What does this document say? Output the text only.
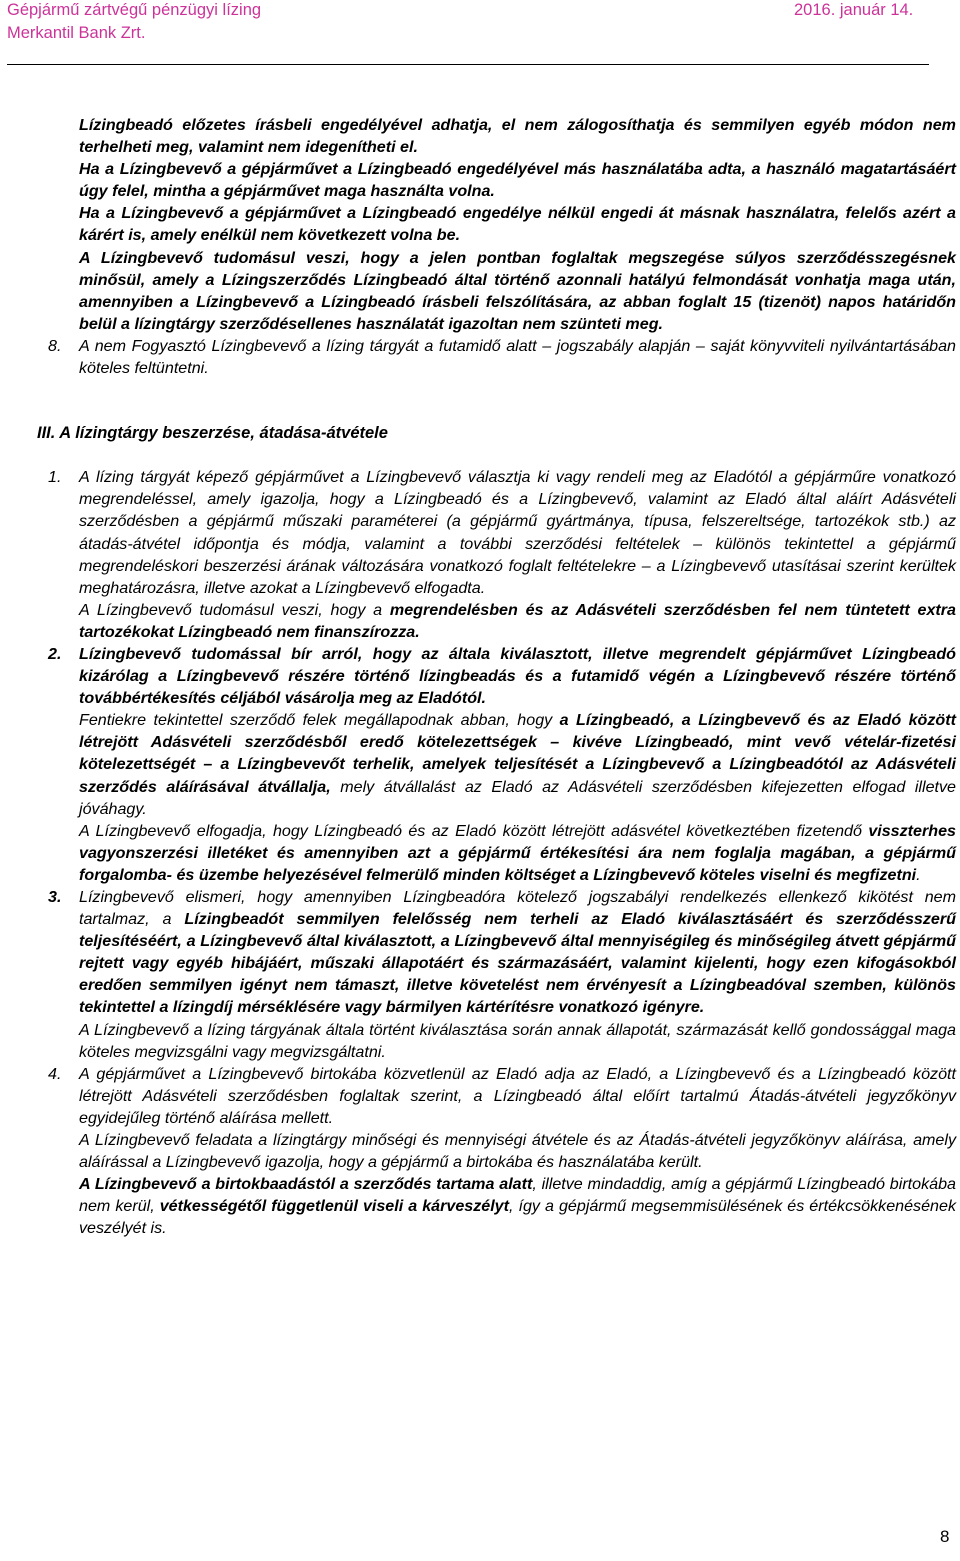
Gépjármű zártvégű pénzügyi lízing
Merkantil Bank Zrt.
2016. január 14.

Lízingbeadó előzetes írásbeli engedélyével adhatja, el nem zálogosíthatja és semmilyen egyéb módon nem terhelheti meg, valamint nem idegenítheti el.

Ha a Lízingbevevő a gépjárművet a Lízingbeadó engedélyével más használatába adta, a használó magatartásáért úgy felel, mintha a gépjárművet maga használta volna.

Ha a Lízingbevevő a gépjárművet a Lízingbeadó engedélye nélkül engedi át másnak használatra, felelős azért a kárért is, amely enélkül nem következett volna be.

A Lízingbevevő tudomásul veszi, hogy a jelen pontban foglaltak megszegése súlyos szerződésszegésnek minősül, amely a Lízingszerződés Lízingbeadó által történő azonnali hatályú felmondását vonhatja maga után, amennyiben a Lízingbevevő a Lízingbeadó írásbeli felszólítására, az abban foglalt 15 (tizenöt) napos határidőn belül a lízingtárgy szerződésellenes használatát igazoltan nem szünteti meg.

8.	A nem Fogyasztó Lízingbevevő a lízing tárgyát a futamidő alatt – jogszabály alapján – saját könyvviteli nyilvántartásában köteles feltüntetni.

III. A lízingtárgy beszerzése, átadása-átvétele

1.	A lízing tárgyát képező gépjárművet a Lízingbevevő választja ki vagy rendeli meg az Eladótól a gépjárműre vonatkozó megrendeléssel, amely igazolja, hogy a Lízingbeadó és a Lízingbevevő, valamint az Eladó által aláírt Adásvételi szerződésben a gépjármű műszaki paraméterei (a gépjármű gyártmánya, típusa, felszereltsége, tartozékok stb.) az átadás-átvétel időpontja és módja, valamint a további szerződési feltételek – különös tekintettel a gépjármű megrendeléskori beszerzési árának változására vonatkozó foglalt feltételekre – a Lízingbevevő utasításai szerint kerültek meghatározásra, illetve azokat a Lízingbevevő elfogadta.

A Lízingbevevő tudomásul veszi, hogy a megrendelésben és az Adásvételi szerződésben fel nem tüntetett extra tartozékokat Lízingbeadó nem finanszírozza.

2.	Lízingbevevő tudomással bír arról, hogy az általa kiválasztott, illetve megrendelt gépjárművet Lízingbeadó kizárólag a Lízingbevevő részére történő lízingbeadás és a futamidő végén a Lízingbevevő részére történő továbbértékesítés céljából vásárolja meg az Eladótól.

Fentiekre tekintettel szerződő felek megállapodnak abban, hogy a Lízingbeadó, a Lízingbevevő és az Eladó között létrejött Adásvételi szerződésből eredő kötelezettségek – kivéve Lízingbeadó, mint vevő vételár-fizetési kötelezettségét – a Lízingbevevőt terhelik, amelyek teljesítését a Lízingbevevő a Lízingbeadótól az Adásvételi szerződés aláírásával átvállalja, mely átvállalást az Eladó az Adásvételi szerződésben kifejezetten elfogad illetve jóváhagy.

A Lízingbevevő elfogadja, hogy Lízingbeadó és az Eladó között létrejött adásvétel következtében fizetendő visszterhes vagyonszerzési illetéket és amennyiben azt a gépjármű értékesítési ára nem foglalja magában, a gépjármű forgalomba- és üzembe helyezésével felmerülő minden költséget a Lízingbevevő köteles viselni és megfizetni.

3.	Lízingbevevő elismeri, hogy amennyiben Lízingbeadóra kötelező jogszabályi rendelkezés ellenkező kikötést nem tartalmaz, a Lízingbeadót semmilyen felelősség nem terheli az Eladó kiválasztásáért és szerződésszerű teljesítéséért, a Lízingbevevő által kiválasztott, a Lízingbevevő által mennyiségileg és minőségileg átvett gépjármű rejtett vagy egyéb hibájáért, műszaki állapotáért és származásáért, valamint kijelenti, hogy ezen kifogásokból eredően semmilyen igényt nem támaszt, illetve követelést nem érvényesít a Lízingbeadóval szemben, különös tekintettel a lízingdíj mérséklésére vagy bármilyen kártérítésre vonatkozó igényre.

A Lízingbevevő a lízing tárgyának általa történt kiválasztása során annak állapotát, származását kellő gondossággal maga köteles megvizsgálni vagy megvizsgáltatni.

4.	A gépjárművet a Lízingbevevő birtokába közvetlenül az Eladó adja az Eladó, a Lízingbevevő és a Lízingbeadó között létrejött Adásvételi szerződésben foglaltak szerint, a Lízingbeadó által előírt tartalmú Átadás-átvételi jegyzőkönyv egyidejűleg történő aláírása mellett.

A Lízingbevevő feladata a lízingtárgy minőségi és mennyiségi átvétele és az Átadás-átvételi jegyzőkönyv aláírása, amely aláírással a Lízingbevevő igazolja, hogy a gépjármű a birtokába és használatába került.

A Lízingbevevő a birtokbaadástól a szerződés tartama alatt, illetve mindaddig, amíg a gépjármű Lízingbeadó birtokába nem kerül, vétkességétől függetlenül viseli a kárveszélyt, így a gépjármű megsemmisülésének és értékcsökkenésének veszélyét is.

8
